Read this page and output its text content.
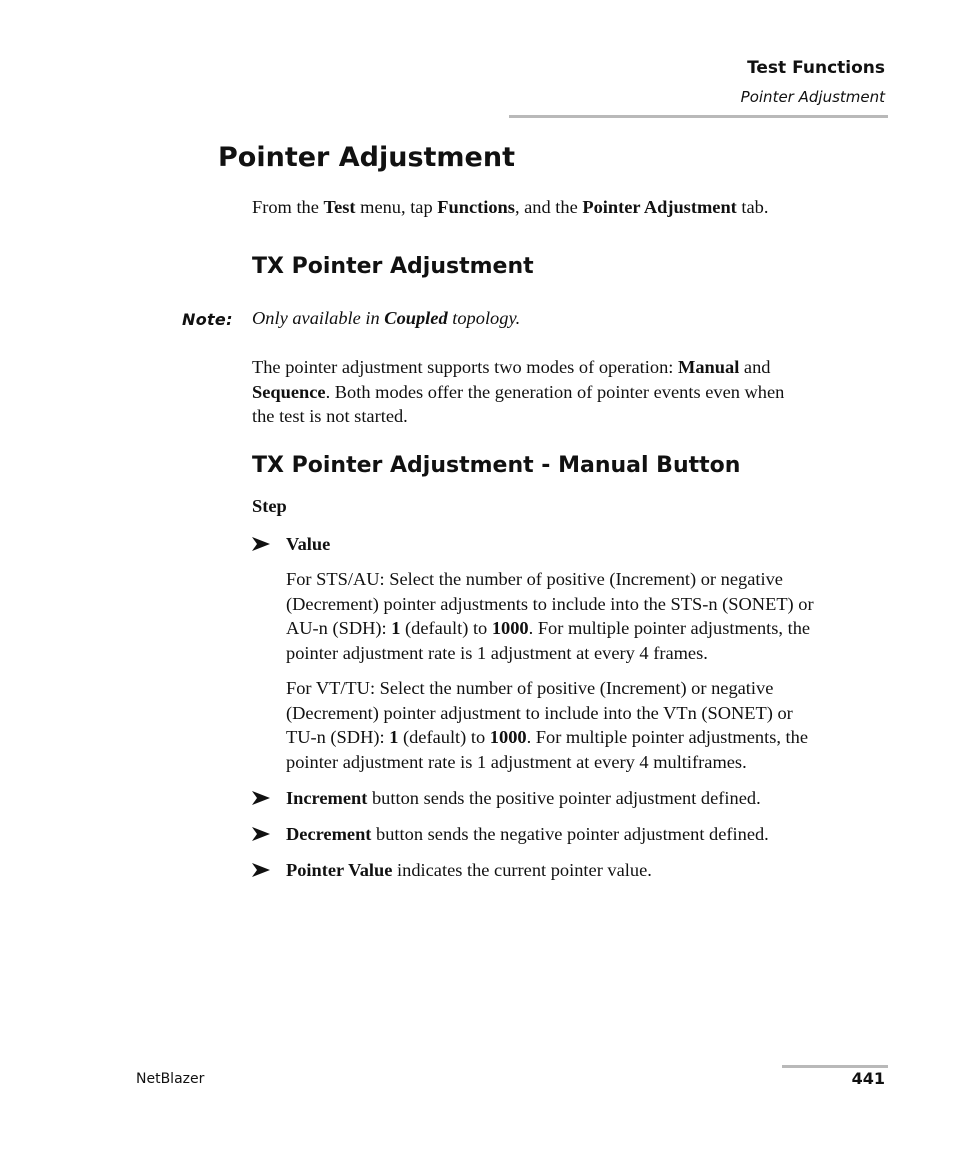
Test Functions
Pointer Adjustment
Pointer Adjustment
From the Test menu, tap Functions, and the Pointer Adjustment tab.
TX Pointer Adjustment
Note: Only available in Coupled topology.
The pointer adjustment supports two modes of operation: Manual and
Sequence. Both modes offer the generation of pointer events even when
the test is not started.
TX Pointer Adjustment - Manual Button
Step
Value
For STS/AU: Select the number of positive (Increment) or negative
(Decrement) pointer adjustments to include into the STS-n (SONET) or
AU-n (SDH): 1 (default) to 1000. For multiple pointer adjustments, the
pointer adjustment rate is 1 adjustment at every 4 frames.
For VT/TU: Select the number of positive (Increment) or negative
(Decrement) pointer adjustment to include into the VTn (SONET) or
TU-n (SDH): 1 (default) to 1000. For multiple pointer adjustments, the
pointer adjustment rate is 1 adjustment at every 4 multiframes.
Increment button sends the positive pointer adjustment defined.
Decrement button sends the negative pointer adjustment defined.
Pointer Value indicates the current pointer value.
NetBlazer	441
